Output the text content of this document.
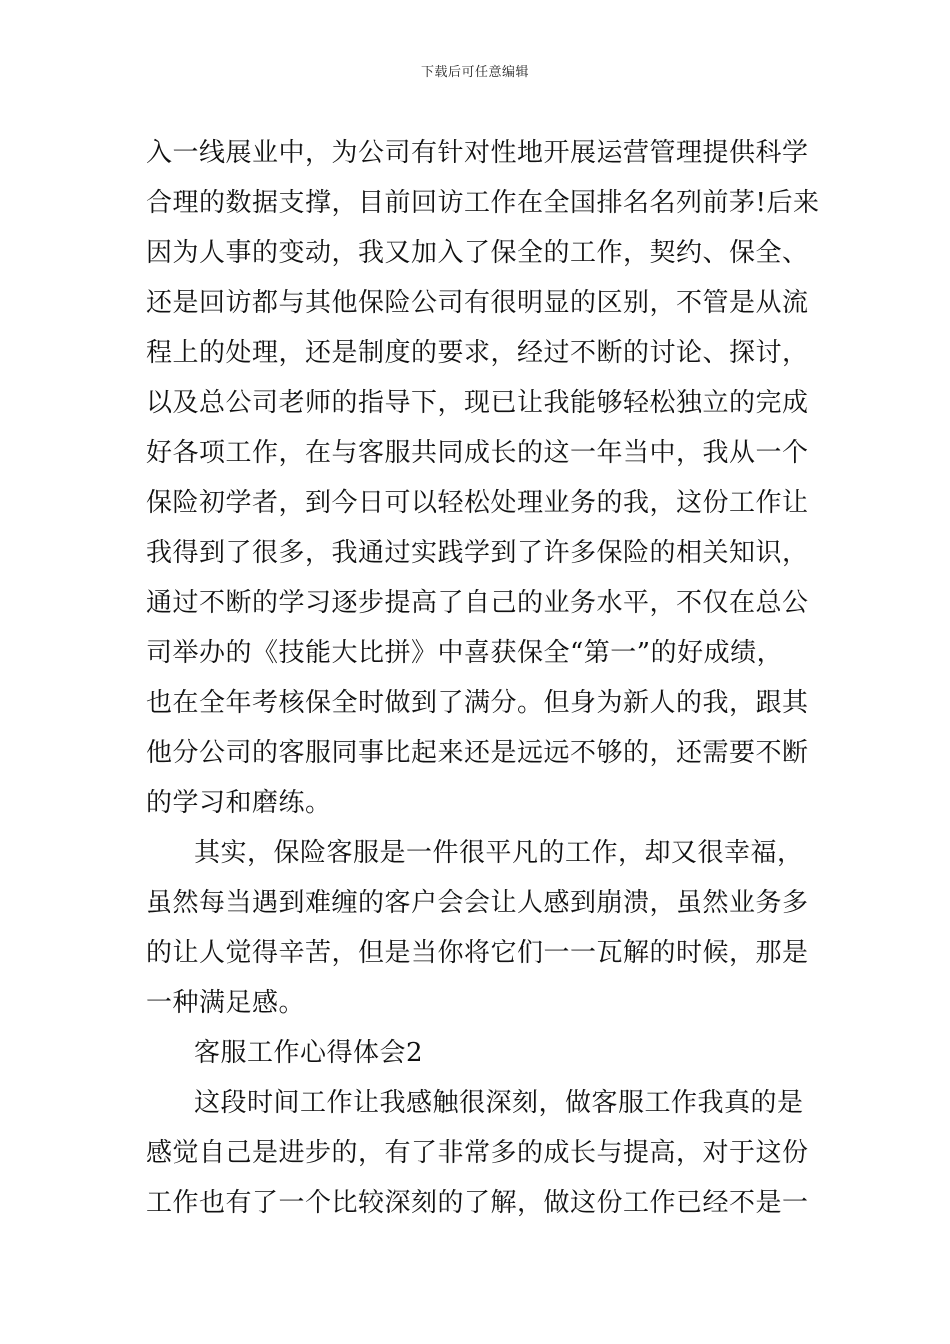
下载后可任意编辑

入一线展业中，为公司有针对性地开展运营管理提供科学
合理的数据支撑，目前回访工作在全国排名名列前茅!后来
因为人事的变动，我又加入了保全的工作，契约、保全、
还是回访都与其他保险公司有很明显的区别，不管是从流
程上的处理，还是制度的要求，经过不断的讨论、探讨，
以及总公司老师的指导下，现已让我能够轻松独立的完成
好各项工作，在与客服共同成长的这一年当中，我从一个
保险初学者，到今日可以轻松处理业务的我，这份工作让
我得到了很多，我通过实践学到了许多保险的相关知识，
通过不断的学习逐步提高了自己的业务水平，不仅在总公
司举办的《技能大比拼》中喜获保全“第一”的好成绩，
也在全年考核保全时做到了满分。但身为新人的我，跟其
他分公司的客服同事比起来还是远远不够的，还需要不断
的学习和磨练。

其实，保险客服是一件很平凡的工作，却又很幸福，
虽然每当遇到难缠的客户会会让人感到崩溃，虽然业务多
的让人觉得辛苦，但是当你将它们一一瓦解的时候，那是
一种满足感。

客服工作心得体会2

这段时间工作让我感触很深刻，做客服工作我真的是
感觉自己是进步的，有了非常多的成长与提高，对于这份
工作也有了一个比较深刻的了解，做这份工作已经不是一
